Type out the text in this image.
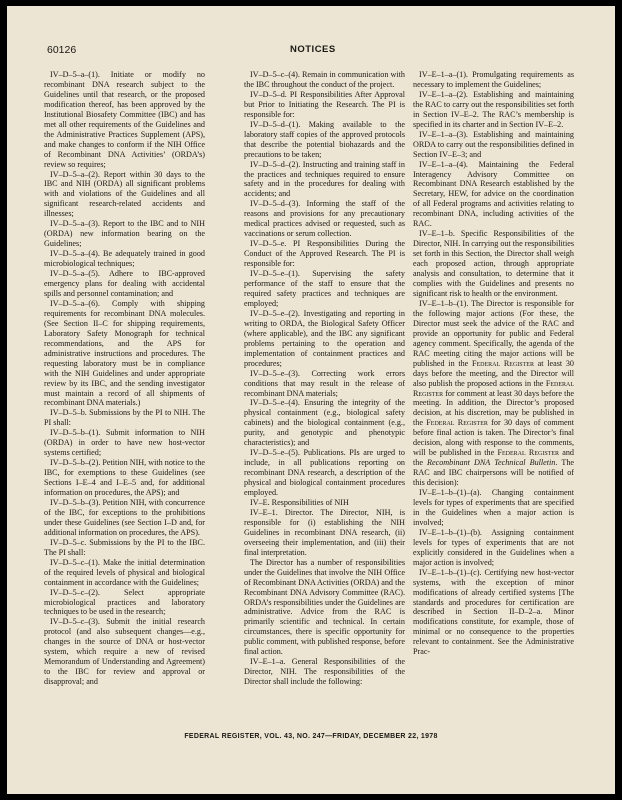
60126	NOTICES

IV–D–5–a–(1). Initiate or modify no recombinant DNA research subject to the Guidelines until that research, or the proposed modification thereof, has been approved by the Institutional Biosafety Committee (IBC) and has met all other requirements of the Guidelines and the Administrative Practices Supplement (APS), and make changes to conform if the NIH Office of Recombinant DNA Activities’ (ORDA’s) review so requires;

IV–D–5–a–(2). Report within 30 days to the IBC and NIH (ORDA) all significant problems with and violations of the Guidelines and all significant research-related accidents and illnesses;

IV–D–5–a–(3). Report to the IBC and to NIH (ORDA) new information bearing on the Guidelines;

IV–D–5–a–(4). Be adequately trained in good microbiological techniques;

IV–D–5–a–(5). Adhere to IBC-approved emergency plans for dealing with accidental spills and personnel contamination; and

IV–D–5–a–(6). Comply with shipping requirements for recombinant DNA molecules. (See Section II–C for shipping requirements, Laboratory Safety Monograph for technical recommendations, and the APS for administrative instructions and procedures. The requesting laboratory must be in compliance with the NIH Guidelines and under appropriate review by its IBC, and the sending investigator must maintain a record of all shipments of recombinant DNA materials.)

IV–D–5–b. Submissions by the PI to NIH. The PI shall:

IV–D–5–b–(1). Submit information to NIH (ORDA) in order to have new host-vector systems certified;

IV–D–5–b–(2). Petition NIH, with notice to the IBC, for exemptions to these Guidelines (see Sections I–E–4 and I–E–5 and, for additional information on procedures, the APS); and

IV–D–5–b–(3). Petition NIH, with concurrence of the IBC, for exceptions to the prohibitions under these Guidelines (see Section I–D and, for additional information on procedures, the APS).

IV–D–5–c. Submissions by the PI to the IBC. The PI shall:

IV–D–5–c–(1). Make the initial determination of the required levels of physical and biological containment in accordance with the Guidelines;

IV–D–5–c–(2). Select appropriate microbiological practices and laboratory techniques to be used in the research;

IV–D–5–c–(3). Submit the initial research protocol (and also subsequent changes—e.g., changes in the source of DNA or host-vector system, which require a new of revised Memorandum of Understanding and Agreement) to the IBC for review and approval or disapproval; and

IV–D–5–c–(4). Remain in communication with the IBC throughout the conduct of the project.

IV–D–5–d. PI Responsibilities After Approval but Prior to Initiating the Research. The PI is responsible for:

IV–D–5–d–(1). Making available to the laboratory staff copies of the approved protocols that describe the potential biohazards and the precautions to be taken;

IV–D–5–d–(2). Instructing and training staff in the practices and techniques required to ensure safety and in the procedures for dealing with accidents; and

IV–D–5–d–(3). Informing the staff of the reasons and provisions for any precautionary medical practices advised or requested, such as vaccinations or serum collection.

IV–D–5–e. PI Responsibilities During the Conduct of the Approved Research. The PI is responsible for:

IV–D–5–e–(1). Supervising the safety performance of the staff to ensure that the required safety practices and techniques are employed;

IV–D–5–e–(2). Investigating and reporting in writing to ORDA, the Biological Safety Officer (where applicable), and the IBC any significant problems pertaining to the operation and implementation of containment practices and procedures;

IV–D–5–e–(3). Correcting work errors conditions that may result in the release of recombinant DNA materials;

IV–D–5–e–(4). Ensuring the integrity of the physical containment (e.g., biological safety cabinets) and the biological containment (e.g., purity, and genotypic and phenotypic characteristics); and

IV–D–5–e–(5). Publications. PIs are urged to include, in all publications reporting on recombinant DNA research, a description of the physical and biological containment procedures employed.

IV–E. Responsibilities of NIH

IV–E–1. Director. The Director, NIH, is responsible for (i) establishing the NIH Guidelines in recombinant DNA research, (ii) overseeing their implementation, and (iii) their final interpretation.

The Director has a number of responsibilities under the Guidelines that involve the NIH Office of Recombinant DNA Activities (ORDA) and the Recombinant DNA Advisory Committee (RAC). ORDA’s responsibilities under the Guidelines are administrative. Advice from the RAC is primarily scientific and technical. In certain circumstances, there is specific opportunity for public comment, with published response, before final action.

IV–E–1–a. General Responsibilities of the Director, NIH. The responsibilities of the Director shall include the following:

IV–E–1–a–(1). Promulgating requirements as necessary to implement the Guidelines;

IV–E–1–a–(2). Establishing and maintaining the RAC to carry out the responsibilities set forth in Section IV–E–2. The RAC’s membership is specified in its charter and in Section IV–E–2.

IV–E–1–a–(3). Establishing and maintaining ORDA to carry out the responsibilities defined in Section IV–E–3; and

IV–E–1–a–(4). Maintaining the Federal Interagency Advisory Committee on Recombinant DNA Research established by the Secretary, HEW, for advice on the coordination of all Federal programs and activities relating to recombinant DNA, including activities of the RAC.

IV–E–1–b. Specific Responsibilities of the Director, NIH. In carrying out the responsibilities set forth in this Section, the Director shall weigh each proposed action, through appropriate analysis and consultation, to determine that it complies with the Guidelines and presents no significant risk to health or the environment.

IV–E–1–b–(1). The Director is responsible for the following major actions (For these, the Director must seek the advice of the RAC and provide an opportunity for public and Federal agency comment. Specifically, the agenda of the RAC meeting citing the major actions will be published in the Federal Register at least 30 days before the meeting, and the Director will also publish the proposed actions in the Federal Register for comment at least 30 days before the meeting. In addition, the Director’s proposed decision, at his discretion, may be published in the Federal Register for 30 days of comment before final action is taken. The Director’s final decision, along with response to the comments, will be published in the Federal Register and the Recombinant DNA Technical Bulletin. The RAC and IBC chairpersons will be notified of this decision):

IV–E–1–b–(1)–(a). Changing containment levels for types of experiments that are specified in the Guidelines when a major action is involved;

IV–E–1–b–(1)–(b). Assigning containment levels for types of experiments that are not explicitly considered in the Guidelines when a major action is involved;

IV–E–1–b–(1)–(c). Certifying new host-vector systems, with the exception of minor modifications of already certified systems [The standards and procedures for certification are described in Section II–D–2–a. Minor modifications constitute, for example, those of minimal or no consequence to the properties relevant to containment. See the Administrative Prac-

FEDERAL REGISTER, VOL. 43, NO. 247—FRIDAY, DECEMBER 22, 1978
